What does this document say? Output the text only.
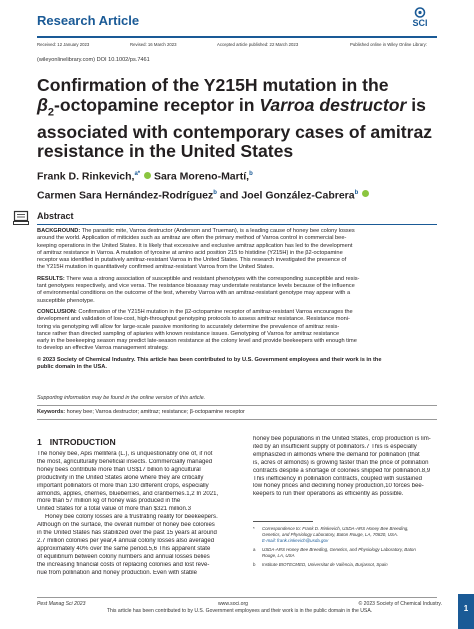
Research Article	SCI
Received: 12 January 2023	Revised: 16 March 2023	Accepted article published: 22 March 2023	Published online in Wiley Online Library:
(wileyonlinelibrary.com) DOI 10.1002/ps.7461
Confirmation of the Y215H mutation in the
$\beta_2$-octopamine receptor in Varroa destructor is
associated with contemporary cases of amitraz
resistance in the United States
Frank D. Rinkevich,$^{a*}$ Sara Moreno-Martí,$^b$
Carmen Sara Hernández-Rodríguez$^b$ and Joel González-Cabrera$^b$
Abstract

BACKGROUND: The parasitic mite, Varroa destructor (Anderson and Trueman), is a leading cause of honey bee colony losses
around the world. Application of miticides such as amitraz are often the primary method of Varroa control in commercial bee-
keeping operations in the United States. It is likely that excessive and exclusive amitraz application has led to the development
of amitraz resistance in Varroa. A mutation of tyrosine at amino acid position 215 to histidine (Y215H) in the β2-octopamine
receptor was identified in putatively amitraz-resistant Varroa in the United States. This research investigated the presence of
the Y215H mutation in quantitatively confirmed amitraz-resistant Varroa from the United States.

RESULTS: There was a strong association of susceptible and resistant phenotypes with the corresponding susceptible and resis-
tant genotypes respectively, and vice versa. The resistance bioassay may understate resistance levels because of the influence
of environmental conditions on the outcome of the test, whereby Varroa with an amitraz-resistant genotype may appear with a
susceptible phenotype.

CONCLUSION: Confirmation of the Y215H mutation in the β2-octopamine receptor of amitraz-resistant Varroa encourages the
development and validation of low-cost, high-throughput genotyping protocols to assess amitraz resistance. Resistance moni-
toring via genotyping will allow for large-scale passive monitoring to accurately determine the prevalence of amitraz resis-
tance rather than directed sampling of apiaries with known resistance issues. Genotyping of Varroa for amitraz resistance
early in the beekeeping season may predict late-season resistance at the colony level and provide beekeepers with enough time
to develop an effective Varroa management strategy.

© 2023 Society of Chemical Industry. This article has been contributed to by U.S. Government employees and their work is in the
public domain in the USA.

Supporting information may be found in the online version of this article.
Keywords: honey bee; Varroa destructor; amitraz; resistance; β-octopamine receptor
1 INTRODUCTION
The honey bee, Apis mellifera (L.), is unquestionably one of, if not
the most, agriculturally beneficial insects. Commercially managed
honey bees contribute more than US$17 billion to agricultural
productivity in the United States alone where they are critically
important pollinators of more than 130 different crops, especially
almonds, apples, cherries, blueberries, and cranberries.1,2 In 2021,
more than 57 million kg of honey was produced in the
United States for a total value of more than $321 million.3
Honey bee colony losses are a frustrating reality for beekeepers.
Although on the surface, the overall number of honey bee colonies
in the United States has stabilized over the past 15 years at around
2.7 million colonies per year,4 annual colony losses also averaged
approximately 40% over the same period.5,6 This apparent state
of equilibrium between colony numbers and annual losses belies
the increasing financial costs of replacing colonies and lost reve-
nue from pollination and honey production. Even with stable
honey bee populations in the United States, crop production is lim-
ited by an insufficient supply of pollinators.7 This is especially
emphasized in almonds where the demand for pollination (that
is, acres of almonds) is growing faster than the price of pollination
contracts despite a shortage of colonies shipped for pollination.8,9
This inefficiency in pollination contracts, coupled with sustained
low honey prices and declining honey production,10 forces bee-
keepers to run their operations as efficiently as possible.
* Correspondence to: Frank D. Rinkevich, USDA-ARS Honey Bee Breeding,
Genetics, and Physiology Laboratory, Baton Rouge, LA, 70820, USA.
E-mail: frank.rinkevich@usda.gov
a USDA-ARS Honey Bee Breeding, Genetics, and Physiology Laboratory, Baton
Rouge, LA, USA
b Institute BIOTECMED, Universitat de València, Burjassot, Spain
Pest Manag Sci 2023	www.soci.org	© 2023 Society of Chemical Industry.
This article has been contributed to by U.S. Government employees and their work is in the public domain in the USA.	1
